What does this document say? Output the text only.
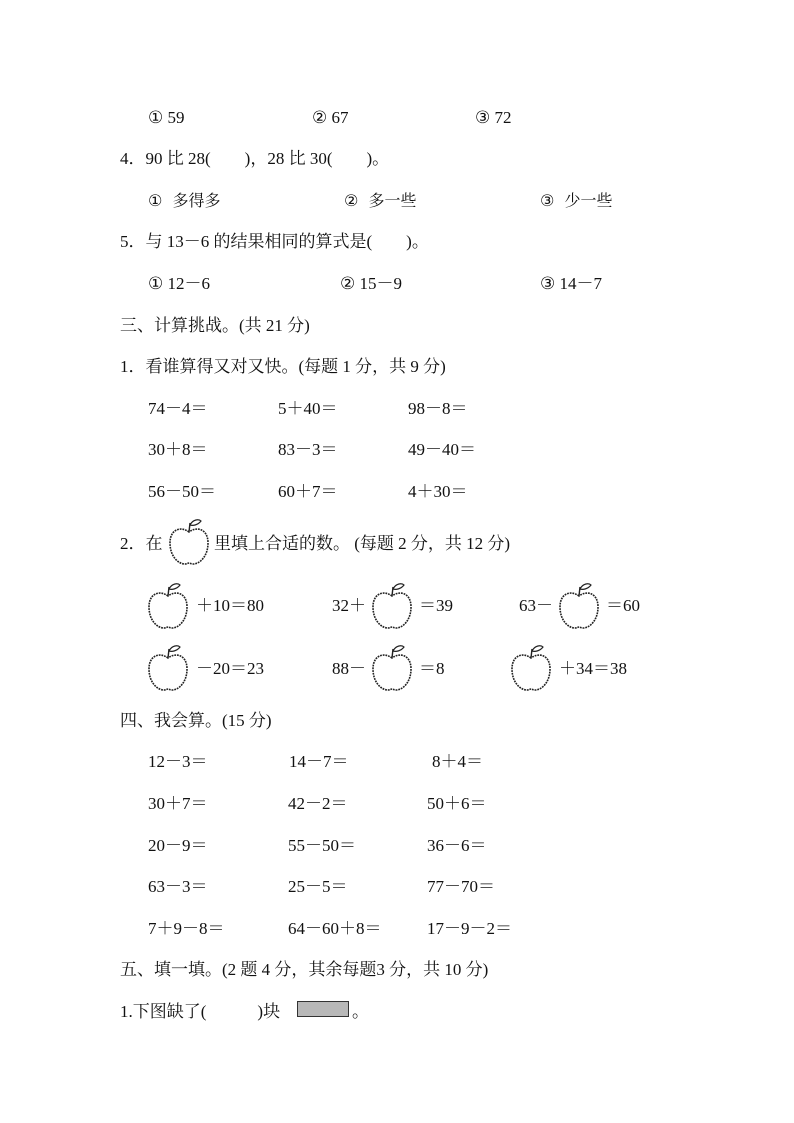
① 59	② 67	③ 72
4．90 比 28(　　)，28 比 30(　　)。
①  多得多	②  多一些	③  少一些
5．与 13－6 的结果相同的算式是(　　)。
① 12－6	② 15－9	③ 14－7
三、计算挑战。(共 21 分)
1．看谁算得又对又快。(每题 1 分，共 9 分)
74－4＝	5＋40＝	98－8＝
30＋8＝	83－3＝	49－40＝
56－50＝	60＋7＝	4＋30＝
2．在	里填上合适的数。 (每题 2 分，共 12 分)
＋10＝80	32＋	＝39	63－	＝60
－20＝23	88－	＝8	＋34＝38
四、我会算。(15 分)
12－3＝	14－7＝	8＋4＝
30＋7＝	42－2＝	50＋6＝
20－9＝	55－50＝	36－6＝
63－3＝	25－5＝	77－70＝
7＋9－8＝	64－60＋8＝	17－9－2＝
五、填一填。(2 题 4 分，其余每题3 分，共 10 分)
1.下图缺了(　　　)块	。
